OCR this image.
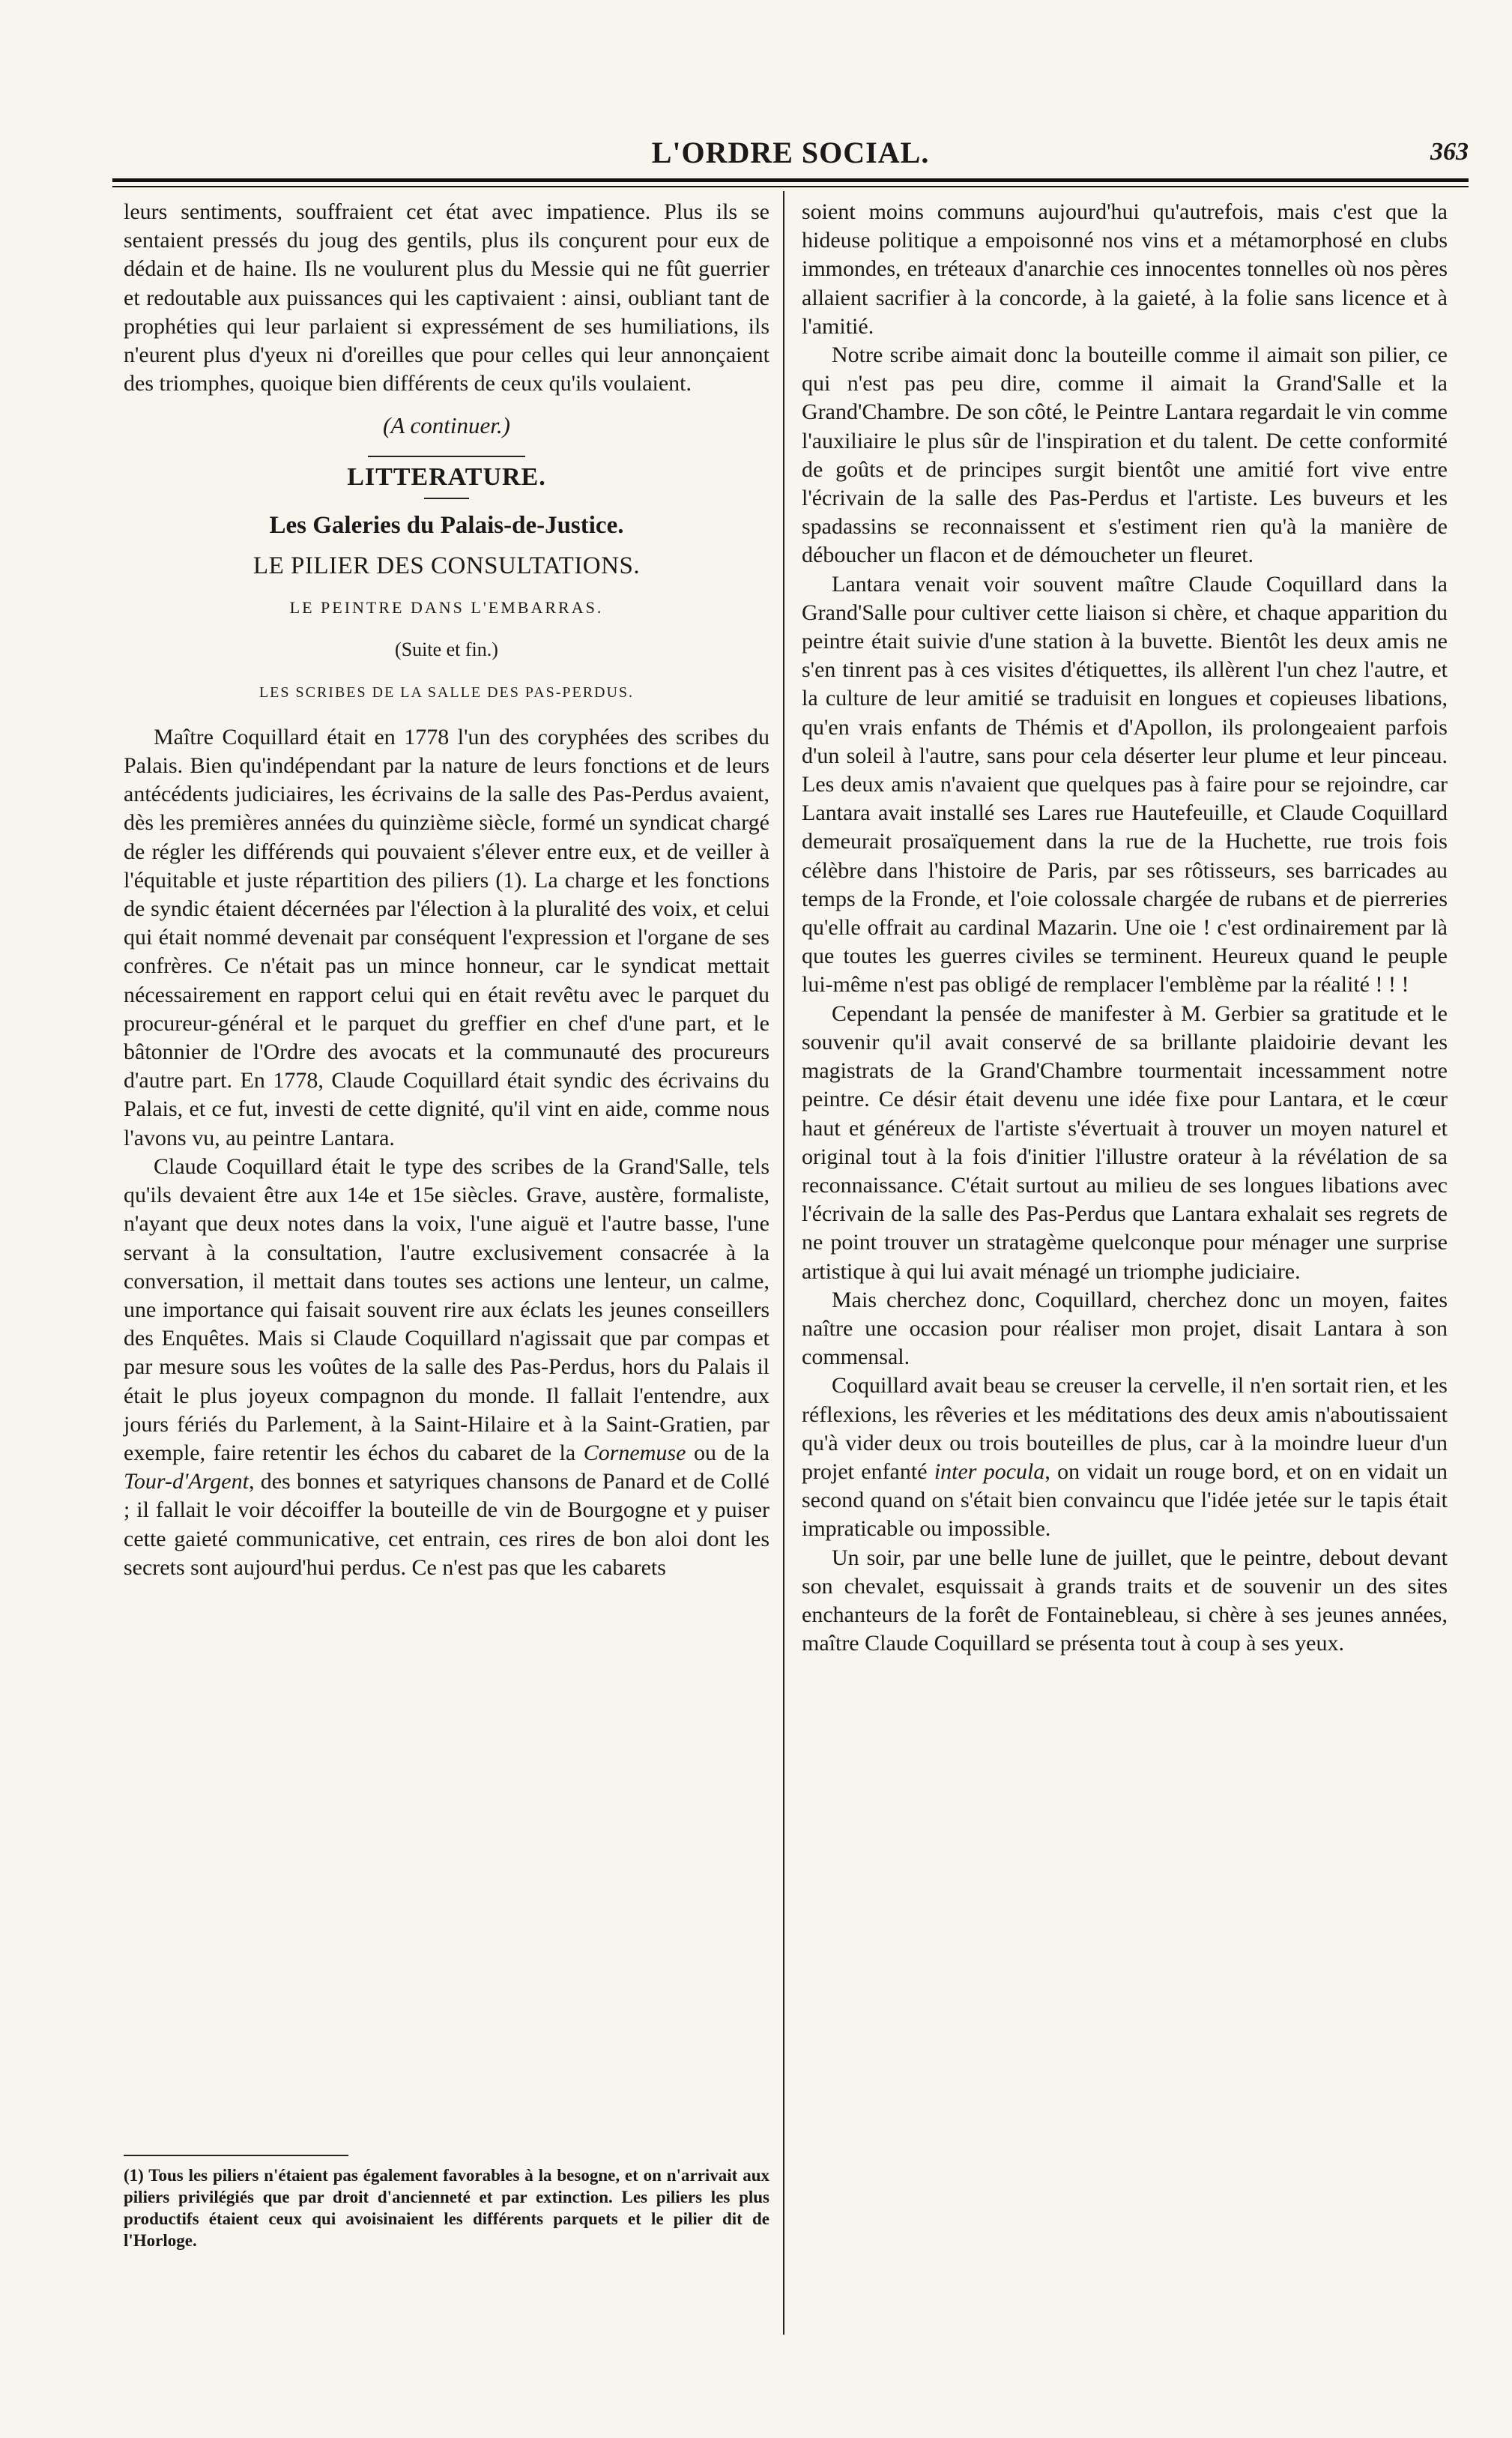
L'ORDRE SOCIAL.	363

leurs sentiments, souffraient cet état avec impatience. Plus ils se sentaient pressés du joug des gentils, plus ils conçurent pour eux de dédain et de haine. Ils ne voulurent plus du Messie qui ne fût guerrier et redoutable aux puissances qui les captivaient : ainsi, oubliant tant de prophéties qui leur parlaient si expressément de ses humiliations, ils n'eurent plus d'yeux ni d'oreilles que pour celles qui leur annonçaient des triomphes, quoique bien différents de ceux qu'ils voulaient.

(A continuer.)

LITTERATURE.
Les Galeries du Palais-de-Justice.
LE PILIER DES CONSULTATIONS.
LE PEINTRE DANS L'EMBARRAS.
(Suite et fin.)
LES SCRIBES DE LA SALLE DES PAS-PERDUS.

Maître Coquillard était en 1778 l'un des coryphées des scribes du Palais. Bien qu'indépendant par la nature de leurs fonctions et de leurs antécédents judiciaires, les écrivains de la salle des Pas-Perdus avaient, dès les premières années du quinzième siècle, formé un syndicat chargé de régler les différends qui pouvaient s'élever entre eux, et de veiller à l'équitable et juste répartition des piliers (1). La charge et les fonctions de syndic étaient décernées par l'élection à la pluralité des voix, et celui qui était nommé devenait par conséquent l'expression et l'organe de ses confrères. Ce n'était pas un mince honneur, car le syndicat mettait nécessairement en rapport celui qui en était revêtu avec le parquet du procureur-général et le parquet du greffier en chef d'une part, et le bâtonnier de l'Ordre des avocats et la communauté des procureurs d'autre part. En 1778, Claude Coquillard était syndic des écrivains du Palais, et ce fut, investi de cette dignité, qu'il vint en aide, comme nous l'avons vu, au peintre Lantara.

Claude Coquillard était le type des scribes de la Grand'Salle, tels qu'ils devaient être aux 14e et 15e siècles. Grave, austère, formaliste, n'ayant que deux notes dans la voix, l'une aiguë et l'autre basse, l'une servant à la consultation, l'autre exclusivement consacrée à la conversation, il mettait dans toutes ses actions une lenteur, un calme, une importance qui faisait souvent rire aux éclats les jeunes conseillers des Enquêtes. Mais si Claude Coquillard n'agissait que par compas et par mesure sous les voûtes de la salle des Pas-Perdus, hors du Palais il était le plus joyeux compagnon du monde. Il fallait l'entendre, aux jours fériés du Parlement, à la Saint-Hilaire et à la Saint-Gratien, par exemple, faire retentir les échos du cabaret de la Cornemuse ou de la Tour-d'Argent, des bonnes et satyriques chansons de Panard et de Collé ; il fallait le voir décoiffer la bouteille de vin de Bourgogne et y puiser cette gaieté communicative, cet entrain, ces rires de bon aloi dont les secrets sont aujourd'hui perdus. Ce n'est pas que les cabarets

(1) Tous les piliers n'étaient pas également favorables à la besogne, et on n'arrivait aux piliers privilégiés que par droit d'ancienneté et par extinction. Les piliers les plus productifs étaient ceux qui avoisinaient les différents parquets et le pilier dit de l'Horloge.

soient moins communs aujourd'hui qu'autrefois, mais c'est que la hideuse politique a empoisonné nos vins et a métamorphosé en clubs immondes, en tréteaux d'anarchie ces innocentes tonnelles où nos pères allaient sacrifier à la concorde, à la gaieté, à la folie sans licence et à l'amitié.

Notre scribe aimait donc la bouteille comme il aimait son pilier, ce qui n'est pas peu dire, comme il aimait la Grand'Salle et la Grand'Chambre. De son côté, le Peintre Lantara regardait le vin comme l'auxiliaire le plus sûr de l'inspiration et du talent. De cette conformité de goûts et de principes surgit bientôt une amitié fort vive entre l'écrivain de la salle des Pas-Perdus et l'artiste. Les buveurs et les spadassins se reconnaissent et s'estiment rien qu'à la manière de déboucher un flacon et de démoucheter un fleuret.

Lantara venait voir souvent maître Claude Coquillard dans la Grand'Salle pour cultiver cette liaison si chère, et chaque apparition du peintre était suivie d'une station à la buvette. Bientôt les deux amis ne s'en tinrent pas à ces visites d'étiquettes, ils allèrent l'un chez l'autre, et la culture de leur amitié se traduisit en longues et copieuses libations, qu'en vrais enfants de Thémis et d'Apollon, ils prolongeaient parfois d'un soleil à l'autre, sans pour cela déserter leur plume et leur pinceau. Les deux amis n'avaient que quelques pas à faire pour se rejoindre, car Lantara avait installé ses Lares rue Hautefeuille, et Claude Coquillard demeurait prosaïquement dans la rue de la Huchette, rue trois fois célèbre dans l'histoire de Paris, par ses rôtisseurs, ses barricades au temps de la Fronde, et l'oie colossale chargée de rubans et de pierreries qu'elle offrait au cardinal Mazarin. Une oie ! c'est ordinairement par là que toutes les guerres civiles se terminent. Heureux quand le peuple lui-même n'est pas obligé de remplacer l'emblème par la réalité ! ! !

Cependant la pensée de manifester à M. Gerbier sa gratitude et le souvenir qu'il avait conservé de sa brillante plaidoirie devant les magistrats de la Grand'Chambre tourmentait incessamment notre peintre. Ce désir était devenu une idée fixe pour Lantara, et le cœur haut et généreux de l'artiste s'évertuait à trouver un moyen naturel et original tout à la fois d'initier l'illustre orateur à la révélation de sa reconnaissance. C'était surtout au milieu de ses longues libations avec l'écrivain de la salle des Pas-Perdus que Lantara exhalait ses regrets de ne point trouver un stratagème quelconque pour ménager une surprise artistique à qui lui avait ménagé un triomphe judiciaire.

Mais cherchez donc, Coquillard, cherchez donc un moyen, faites naître une occasion pour réaliser mon projet, disait Lantara à son commensal.

Coquillard avait beau se creuser la cervelle, il n'en sortait rien, et les réflexions, les rêveries et les méditations des deux amis n'aboutissaient qu'à vider deux ou trois bouteilles de plus, car à la moindre lueur d'un projet enfanté inter pocula, on vidait un rouge bord, et on en vidait un second quand on s'était bien convaincu que l'idée jetée sur le tapis était impraticable ou impossible.

Un soir, par une belle lune de juillet, que le peintre, debout devant son chevalet, esquissait à grands traits et de souvenir un des sites enchanteurs de la forêt de Fontainebleau, si chère à ses jeunes années, maître Claude Coquillard se présenta tout à coup à ses yeux.
